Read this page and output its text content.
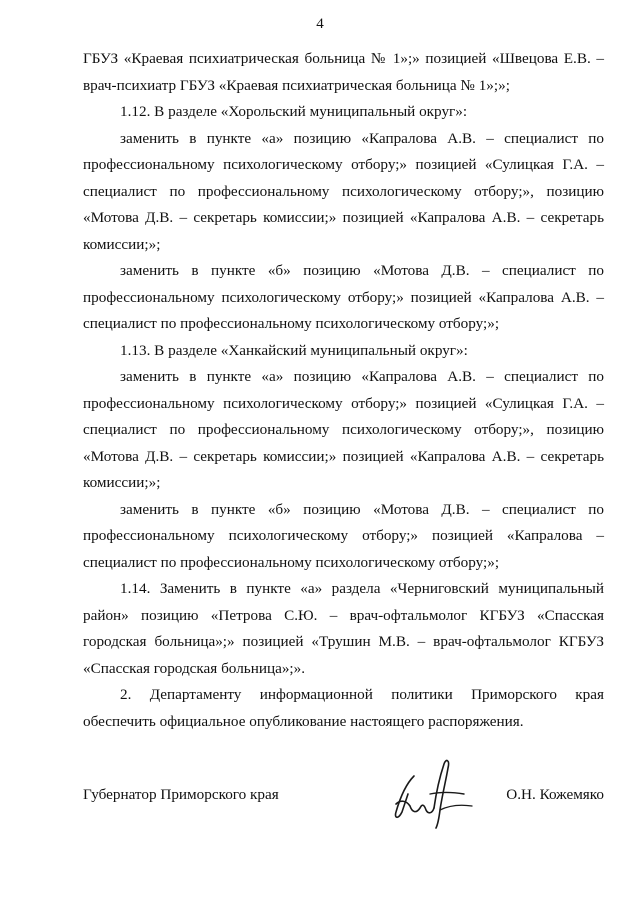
4

ГБУЗ «Краевая психиатрическая больница № 1»;» позицией «Швецова Е.В. – врач-психиатр ГБУЗ «Краевая психиатрическая больница № 1»;»;

1.12. В разделе «Хорольский муниципальный округ»:

заменить в пункте «а» позицию «Капралова А.В. – специалист по профессиональному психологическому отбору;» позицией «Сулицкая Г.А. – специалист по профессиональному психологическому отбору;», позицию «Мотова Д.В. – секретарь комиссии;» позицией «Капралова А.В. – секретарь комиссии;»;

заменить в пункте «б» позицию «Мотова Д.В. – специалист по профессиональному психологическому отбору;» позицией «Капралова А.В. – специалист по профессиональному психологическому отбору;»;

1.13. В разделе «Ханкайский муниципальный округ»:

заменить в пункте «а» позицию «Капралова А.В. – специалист по профессиональному психологическому отбору;» позицией «Сулицкая Г.А. – специалист по профессиональному психологическому отбору;», позицию «Мотова Д.В. – секретарь комиссии;» позицией «Капралова А.В. – секретарь комиссии;»;

заменить в пункте «б» позицию «Мотова Д.В. – специалист по профессиональному психологическому отбору;» позицией «Капралова – специалист по профессиональному психологическому отбору;»;

1.14. Заменить в пункте «а» раздела «Черниговский муниципальный район» позицию «Петрова С.Ю. – врач-офтальмолог КГБУЗ «Спасская городская больница»;» позицией «Трушин М.В. – врач-офтальмолог КГБУЗ «Спасская городская больница»;».

2. Департаменту информационной политики Приморского края обеспечить официальное опубликование настоящего распоряжения.

Губернатор Приморского края	О.Н. Кожемяко
